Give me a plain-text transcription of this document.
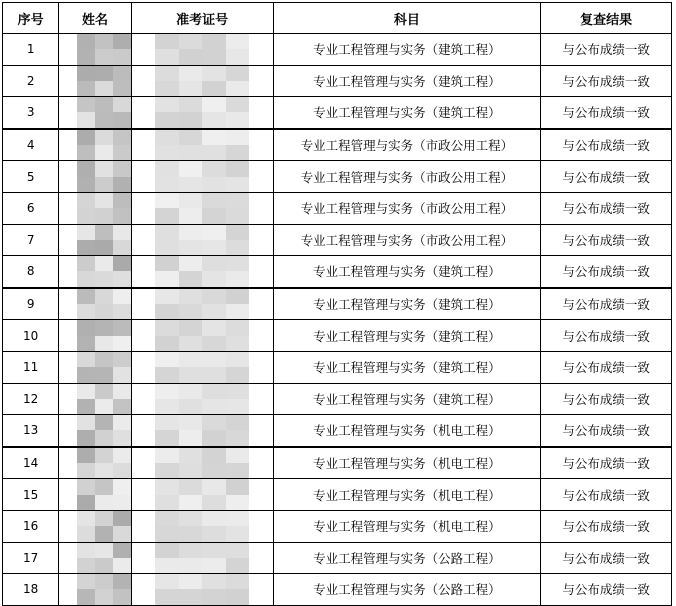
序号	姓名	准考证号	科目	复查结果
1			专业工程管理与实务（建筑工程）	与公布成绩一致
2			专业工程管理与实务（建筑工程）	与公布成绩一致
3			专业工程管理与实务（建筑工程）	与公布成绩一致
4			专业工程管理与实务（市政公用工程）	与公布成绩一致
5			专业工程管理与实务（市政公用工程）	与公布成绩一致
6			专业工程管理与实务（市政公用工程）	与公布成绩一致
7			专业工程管理与实务（市政公用工程）	与公布成绩一致
8			专业工程管理与实务（建筑工程）	与公布成绩一致
9			专业工程管理与实务（建筑工程）	与公布成绩一致
10			专业工程管理与实务（建筑工程）	与公布成绩一致
11			专业工程管理与实务（建筑工程）	与公布成绩一致
12			专业工程管理与实务（建筑工程）	与公布成绩一致
13			专业工程管理与实务（机电工程）	与公布成绩一致
14			专业工程管理与实务（机电工程）	与公布成绩一致
15			专业工程管理与实务（机电工程）	与公布成绩一致
16			专业工程管理与实务（机电工程）	与公布成绩一致
17			专业工程管理与实务（公路工程）	与公布成绩一致
18			专业工程管理与实务（公路工程）	与公布成绩一致
